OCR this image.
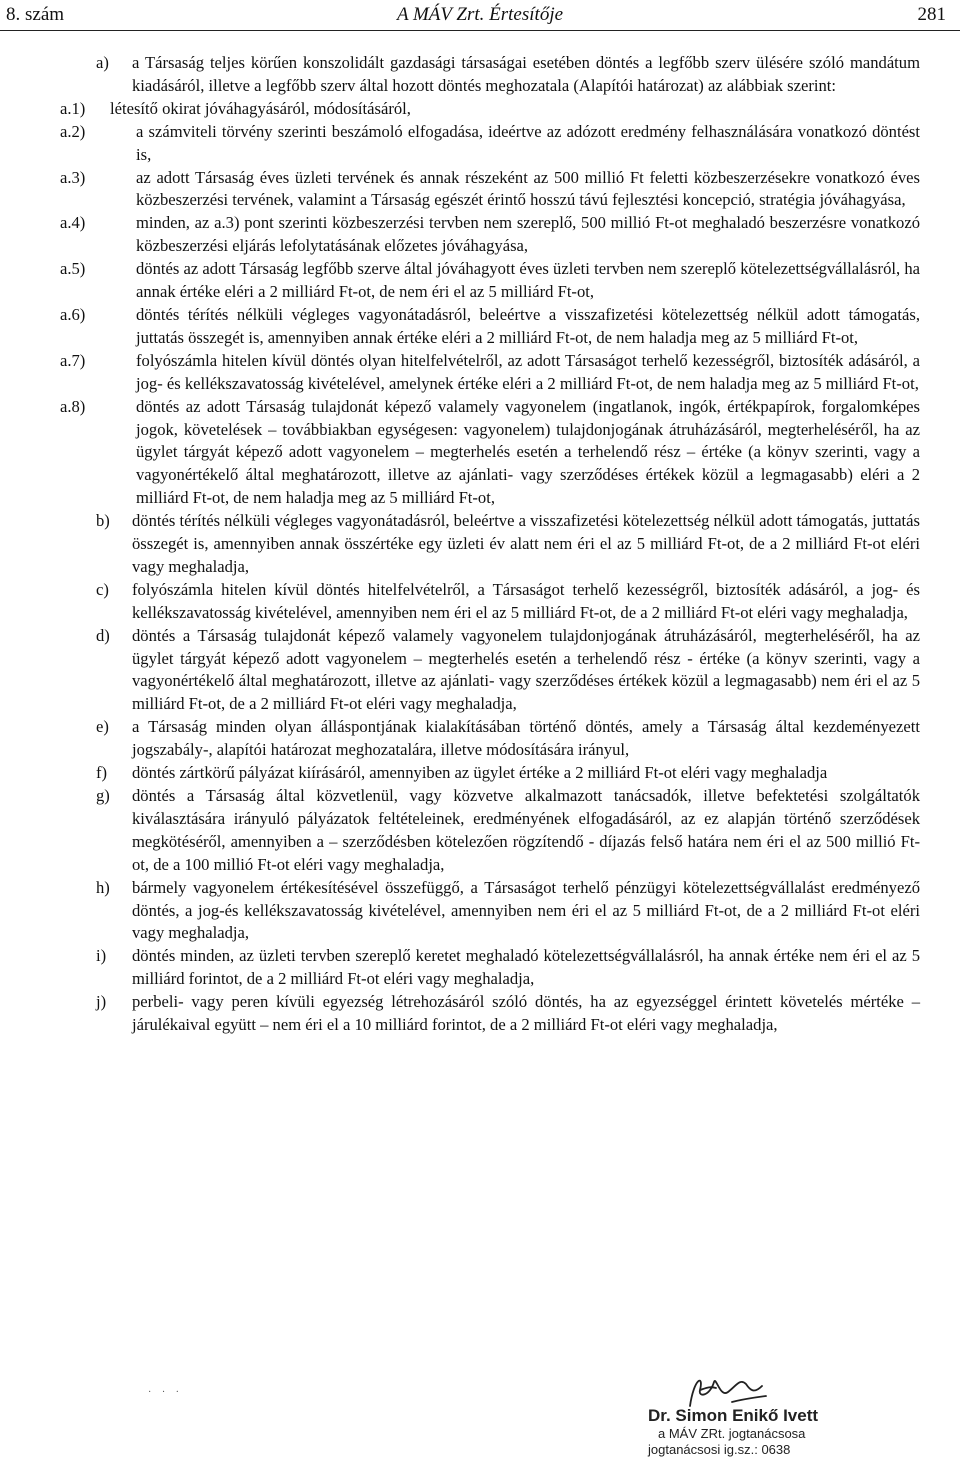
8. szám	A MÁV Zrt. Értesítője	281

a) a Társaság teljes körűen konszolidált gazdasági társaságai esetében döntés a legfőbb szerv ülésére szóló mandátum kiadásáról, illetve a legfőbb szerv által hozott döntés meghozatala (Alapítói határozat) az alábbiak szerint:

a.1) létesítő okirat jóváhagyásáról, módosításáról,

a.2)	a számviteli törvény szerinti beszámoló elfogadása, ideértve az adózott eredmény felhasználására vonatkozó döntést is,

a.3)	az adott Társaság éves üzleti tervének és annak részeként az 500 millió Ft feletti közbeszerzésekre vonatkozó éves közbeszerzési tervének, valamint a Társaság egészét érintő hosszú távú fejlesztési koncepció, stratégia jóváhagyása,

a.4)	minden, az a.3) pont szerinti közbeszerzési tervben nem szereplő, 500 millió Ft-ot meghaladó beszerzésre vonatkozó közbeszerzési eljárás lefolytatásának előzetes jóváhagyása,

a.5)	döntés az adott Társaság legfőbb szerve által jóváhagyott éves üzleti tervben nem szereplő kötelezettségvállalásról, ha annak értéke eléri a 2 milliárd Ft-ot, de nem éri el az 5 milliárd Ft-ot,

a.6)	döntés térítés nélküli végleges vagyonátadásról, beleértve a visszafizetési kötelezettség nélkül adott támogatás, juttatás összegét is, amennyiben annak értéke eléri a 2 milliárd Ft-ot, de nem haladja meg az 5 milliárd Ft-ot,

a.7)	folyószámla hitelen kívül döntés olyan hitelfelvételről, az adott Társaságot terhelő kezességről, biztosíték adásáról, a jog- és kellékszavatosság kivételével, amelynek értéke eléri a 2 milliárd Ft-ot, de nem haladja meg az 5 milliárd Ft-ot,

a.8)	döntés az adott Társaság tulajdonát képező valamely vagyonelem (ingatlanok, ingók, értékpapírok, forgalomképes jogok, követelések – továbbiakban egységesen: vagyonelem) tulajdonjogának átruházásáról, megterheléséről, ha az ügylet tárgyát képező adott vagyonelem – megterhelés esetén a terhelendő rész – értéke (a könyv szerinti, vagy a vagyonértékelő által meghatározott, illetve az ajánlati- vagy szerződéses értékek közül a legmagasabb) eléri a 2 milliárd Ft-ot, de nem haladja meg az 5 milliárd Ft-ot,

b) döntés térítés nélküli végleges vagyonátadásról, beleértve a visszafizetési kötelezettség nélkül adott támogatás, juttatás összegét is, amennyiben annak összértéke egy üzleti év alatt nem éri el az 5 milliárd Ft-ot, de a 2 milliárd Ft-ot eléri vagy meghaladja,

c) folyószámla hitelen kívül döntés hitelfelvételről, a Társaságot terhelő kezességről, biztosíték adásáról, a jog- és kellékszavatosság kivételével, amennyiben nem éri el az 5 milliárd Ft-ot, de a 2 milliárd Ft-ot eléri vagy meghaladja,

d) döntés a Társaság tulajdonát képező valamely vagyonelem tulajdonjogának átruházásáról, megterheléséről, ha az ügylet tárgyát képező adott vagyonelem – megterhelés esetén a terhelendő rész - értéke (a könyv szerinti, vagy a vagyonértékelő által meghatározott, illetve az ajánlati- vagy szerződéses értékek közül a legmagasabb) nem éri el az 5 milliárd Ft-ot, de a 2 milliárd Ft-ot eléri vagy meghaladja,

e) a Társaság minden olyan álláspontjának kialakításában történő döntés, amely a Társaság által kezdeményezett jogszabály-, alapítói határozat meghozatalára, illetve módosítására irányul,

f) döntés zártkörű pályázat kiírásáról, amennyiben az ügylet értéke a 2 milliárd Ft-ot eléri vagy meghaladja

g) döntés a Társaság által közvetlenül, vagy közvetve alkalmazott tanácsadók, illetve befektetési szolgáltatók kiválasztására irányuló pályázatok feltételeinek, eredményének elfogadásáról, az ez alapján történő szerződések megkötéséről, amennyiben a – szerződésben kötelezően rögzítendő - díjazás felső határa nem éri el az 500 millió Ft-ot, de a 100 millió Ft-ot eléri vagy meghaladja,

h) bármely vagyonelem értékesítésével összefüggő, a Társaságot terhelő pénzügyi kötelezettségvállalást eredményező döntés, a jog-és kellékszavatosság kivételével, amennyiben nem éri el az 5 milliárd Ft-ot, de a 2 milliárd Ft-ot eléri vagy meghaladja,

i) döntés minden, az üzleti tervben szereplő keretet meghaladó kötelezettségvállalásról, ha annak értéke nem éri el az 5 milliárd forintot, de a 2 milliárd Ft-ot eléri vagy meghaladja,

j) perbeli- vagy peren kívüli egyezség létrehozásáról szóló döntés, ha az egyezséggel érintett követelés mértéke – járulékaival együtt – nem éri el a 10 milliárd forintot, de a 2 milliárd Ft-ot eléri vagy meghaladja,

· · ·
Dr. Simon Enikő Ivett
a MÁV ZRt. jogtanácsosa
jogtanácsosi ig.sz.: 0638
